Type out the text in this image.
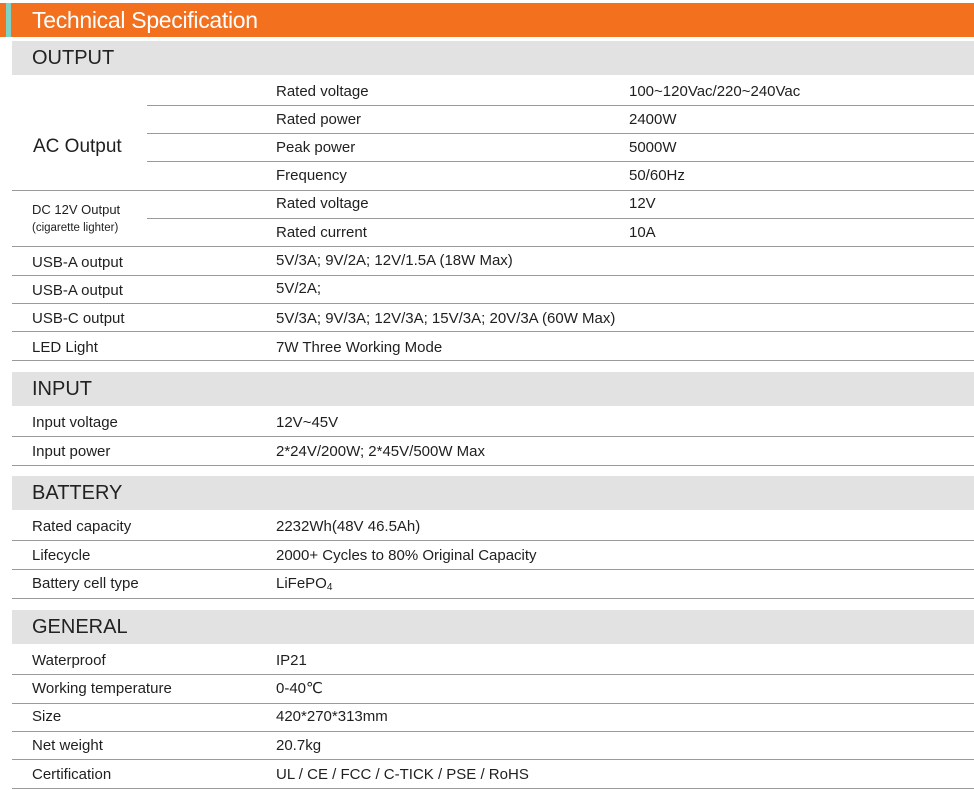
Technical Specification
OUTPUT
AC Output
Rated voltage	100~120Vac/220~240Vac
Rated power	2400W
Peak power	5000W
Frequency	50/60Hz
DC 12V Output
(cigarette lighter)
Rated voltage	12V
Rated current	10A
USB-A output	5V/3A; 9V/2A; 12V/1.5A (18W Max)
USB-A output	5V/2A;
USB-C output	5V/3A; 9V/3A; 12V/3A; 15V/3A; 20V/3A (60W Max)
LED Light	7W Three Working Mode
INPUT
Input voltage	12V~45V
Input power	2*24V/200W; 2*45V/500W Max
BATTERY
Rated capacity	2232Wh(48V 46.5Ah)
Lifecycle	2000+ Cycles to 80% Original Capacity
Battery cell type	LiFePO$_4$
GENERAL
Waterproof	IP21
Working temperature	0-40℃
Size	420*270*313mm
Net weight	20.7kg
Certification	UL / CE / FCC / C-TICK / PSE / RoHS
